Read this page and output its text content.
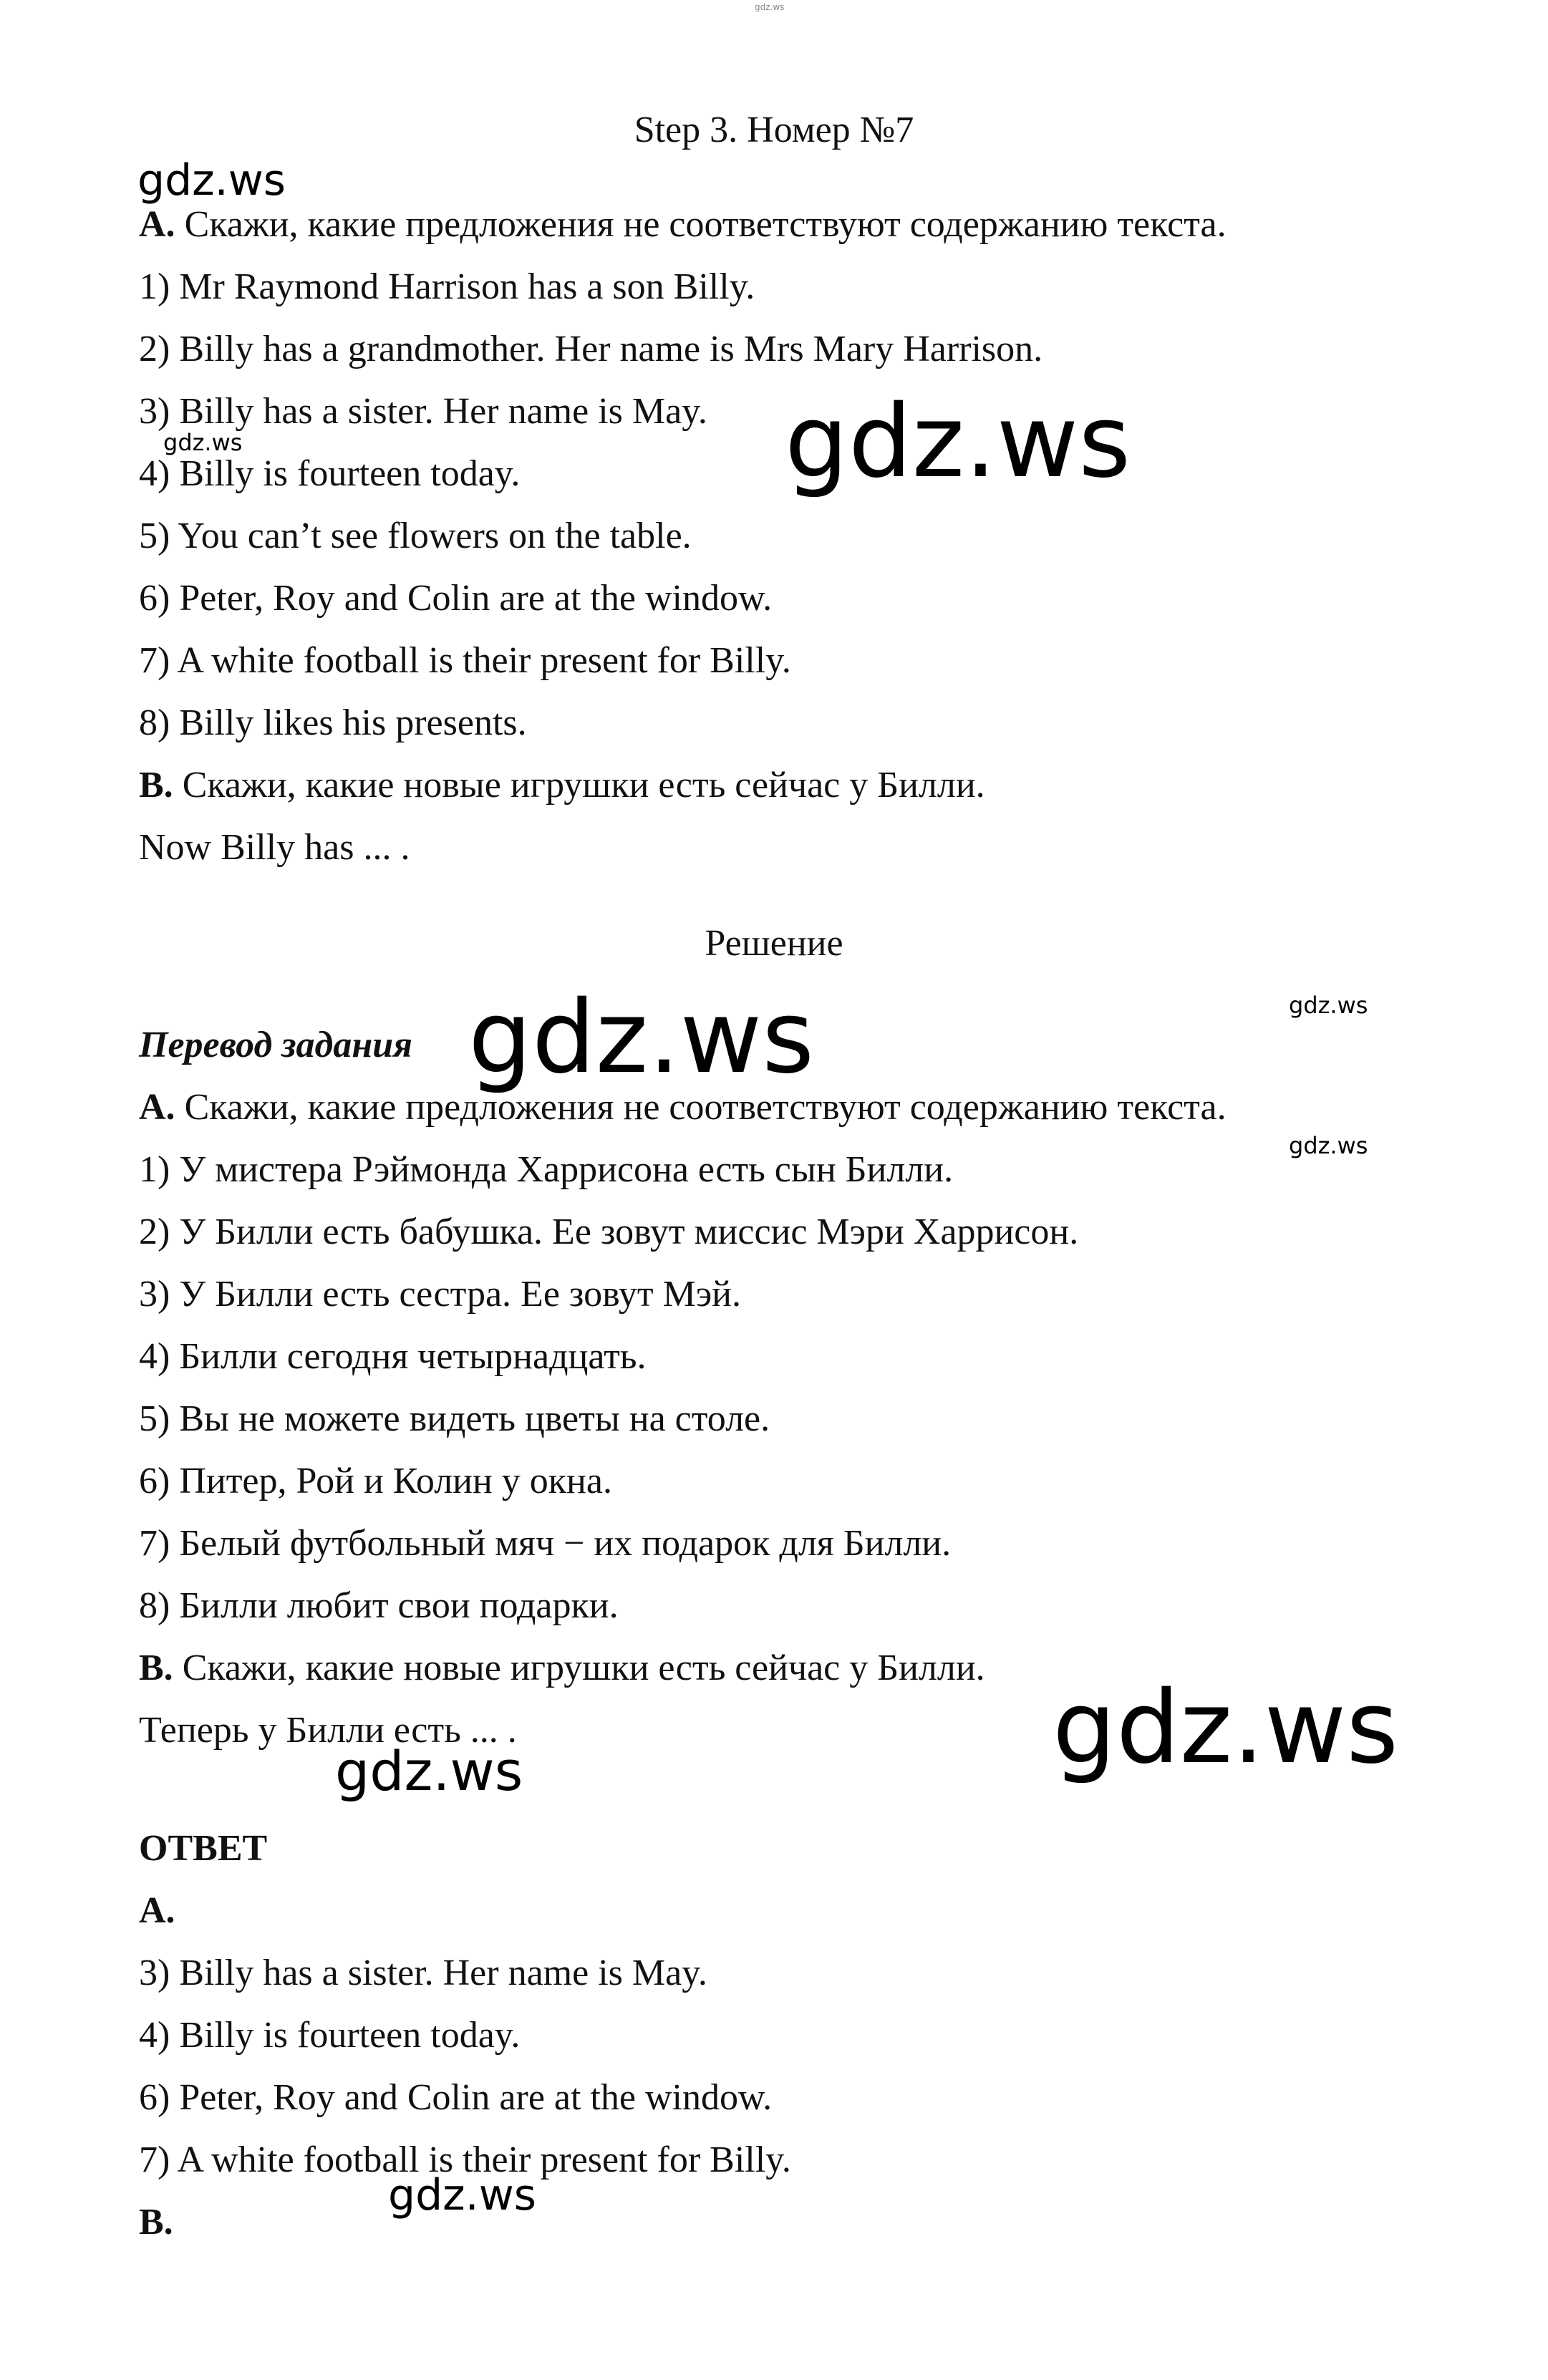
gdz.ws
Step 3. Номер №7
gdz.ws
A. Скажи, какие предложения не соответствуют содержанию текста.
1) Mr Raymond Harrison has a son Billy.
2) Billy has a grandmother. Her name is Mrs Mary Harrison.
3) Billy has a sister. Her name is May.
gdz.ws	gdz.ws
4) Billy is fourteen today.
5) You can’t see flowers on the table.
6) Peter, Roy and Colin are at the window.
7) A white football is their present for Billy.
8) Billy likes his presents.
B. Скажи, какие новые игрушки есть сейчас у Билли.
Now Billy has ... .
Решение
gdz.ws
Перевод задания gdz.ws
A. Скажи, какие предложения не соответствуют содержанию текста.
gdz.ws
1) У мистера Рэймонда Харрисона есть сын Билли.
2) У Билли есть бабушка. Ее зовут миссис Мэри Харрисон.
3) У Билли есть сестра. Ее зовут Мэй.
4) Билли сегодня четырнадцать.
5) Вы не можете видеть цветы на столе.
6) Питер, Рой и Колин у окна.
7) Белый футбольный мяч − их подарок для Билли.
8) Билли любит свои подарки.
B. Скажи, какие новые игрушки есть сейчас у Билли.
Теперь у Билли есть ... .	gdz.ws
gdz.ws
ОТВЕТ
A.
3) Billy has a sister. Her name is May.
4) Billy is fourteen today.
6) Peter, Roy and Colin are at the window.
7) A white football is their present for Billy.
gdz.ws
B.
